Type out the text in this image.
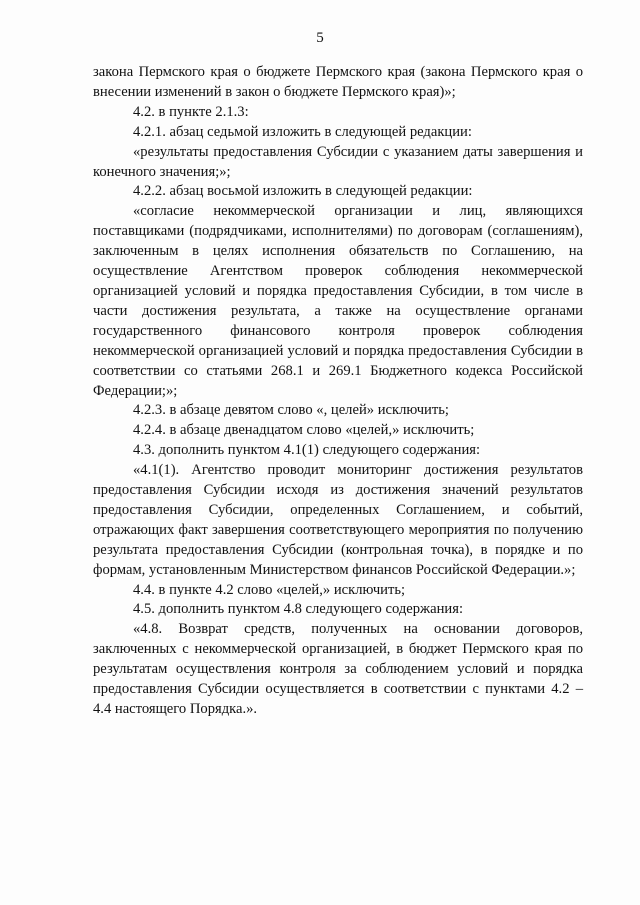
5

закона Пермского края о бюджете Пермского края (закона Пермского края о внесении изменений в закон о бюджете Пермского края)»;

4.2. в пункте 2.1.3:

4.2.1. абзац седьмой изложить в следующей редакции:

«результаты предоставления Субсидии с указанием даты завершения и конечного значения;»;

4.2.2. абзац восьмой изложить в следующей редакции:

«согласие некоммерческой организации и лиц, являющихся поставщиками (подрядчиками, исполнителями) по договорам (соглашениям), заключенным в целях исполнения обязательств по Соглашению, на осуществление Агентством проверок соблюдения некоммерческой организацией условий и порядка предоставления Субсидии, в том числе в части достижения результата, а также на осуществление органами государственного финансового контроля проверок соблюдения некоммерческой организацией условий и порядка предоставления Субсидии в соответствии со статьями 268.1 и 269.1 Бюджетного кодекса Российской Федерации;»;

4.2.3. в абзаце девятом слово «, целей» исключить;

4.2.4. в абзаце двенадцатом слово «целей,» исключить;

4.3. дополнить пунктом 4.1(1) следующего содержания:

«4.1(1). Агентство проводит мониторинг достижения результатов предоставления Субсидии исходя из достижения значений результатов предоставления Субсидии, определенных Соглашением, и событий, отражающих факт завершения соответствующего мероприятия по получению результата предоставления Субсидии (контрольная точка), в порядке и по формам, установленным Министерством финансов Российской Федерации.»;

4.4. в пункте 4.2 слово «целей,» исключить;

4.5. дополнить пунктом 4.8 следующего содержания:

«4.8. Возврат средств, полученных на основании договоров, заключенных с некоммерческой организацией, в бюджет Пермского края по результатам осуществления контроля за соблюдением условий и порядка предоставления Субсидии осуществляется в соответствии с пунктами 4.2 – 4.4 настоящего Порядка.».
